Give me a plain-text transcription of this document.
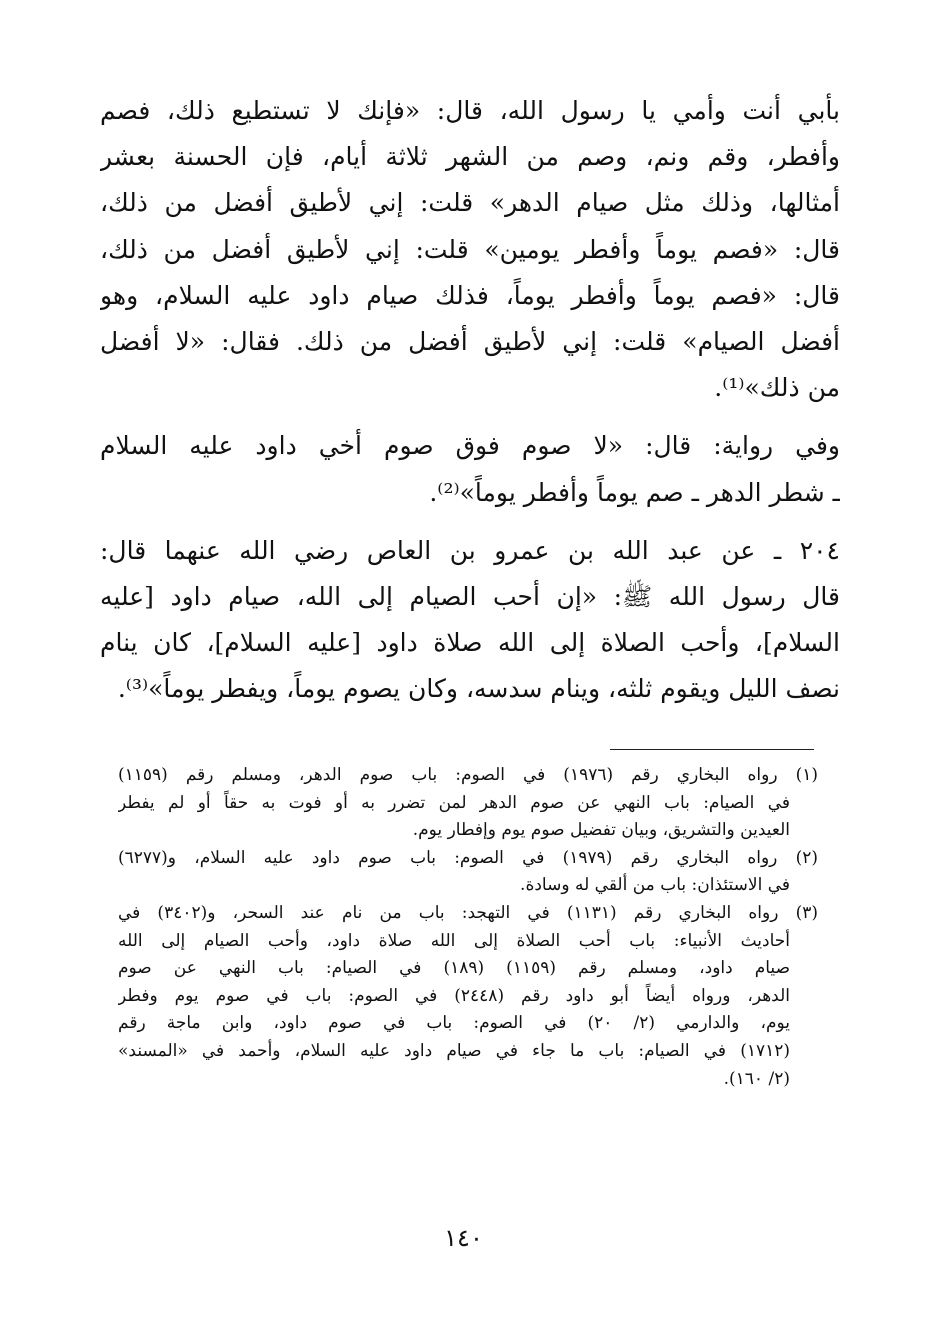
بأبي أنت وأمي يا رسول الله، قال: «فإنك لا تستطيع ذلك، فصم
وأفطر، وقم ونم، وصم من الشهر ثلاثة أيام، فإن الحسنة بعشر
أمثالها، وذلك مثل صيام الدهر» قلت: إني لأطيق أفضل من ذلك،
قال: «فصم يوماً وأفطر يومين» قلت: إني لأطيق أفضل من ذلك،
قال: «فصم يوماً وأفطر يوماً، فذلك صيام داود عليه السلام، وهو
أفضل الصيام» قلت: إني لأطيق أفضل من ذلك. فقال: «لا أفضل
من ذلك»⁽¹⁾.
وفي رواية: قال: «لا صوم فوق صوم أخي داود عليه السلام
ـ شطر الدهر ـ صم يوماً وأفطر يوماً»⁽²⁾.
٢٠٤ ـ عن عبد الله بن عمرو بن العاص رضي الله عنهما قال:
قال رسول الله ﷺ: «إن أحب الصيام إلى الله، صيام داود [عليه
السلام]، وأحب الصلاة إلى الله صلاة داود [عليه السلام]، كان ينام
نصف الليل ويقوم ثلثه، وينام سدسه، وكان يصوم يوماً، ويفطر يوماً»⁽³⁾.
(١) رواه البخاري رقم (١٩٧٦) في الصوم: باب صوم الدهر، ومسلم رقم (١١٥٩)
في الصيام: باب النهي عن صوم الدهر لمن تضرر به أو فوت به حقاً أو لم يفطر
العيدين والتشريق، وبيان تفضيل صوم يوم وإفطار يوم.
(٢) رواه البخاري رقم (١٩٧٩) في الصوم: باب صوم داود عليه السلام، و(٦٢٧٧)
في الاستئذان: باب من ألقي له وسادة.
(٣) رواه البخاري رقم (١١٣١) في التهجد: باب من نام عند السحر، و(٣٤٠٢) في
أحاديث الأنبياء: باب أحب الصلاة إلى الله صلاة داود، وأحب الصيام إلى الله
صيام داود، ومسلم رقم (١١٥٩) (١٨٩) في الصيام: باب النهي عن صوم
الدهر، ورواه أيضاً أبو داود رقم (٢٤٤٨) في الصوم: باب في صوم يوم وفطر
يوم، والدارمي (٢/ ٢٠) في الصوم: باب في صوم داود، وابن ماجة رقم
(١٧١٢) في الصيام: باب ما جاء في صيام داود عليه السلام، وأحمد في «المسند»
(٢/ ١٦٠).
١٤٠
